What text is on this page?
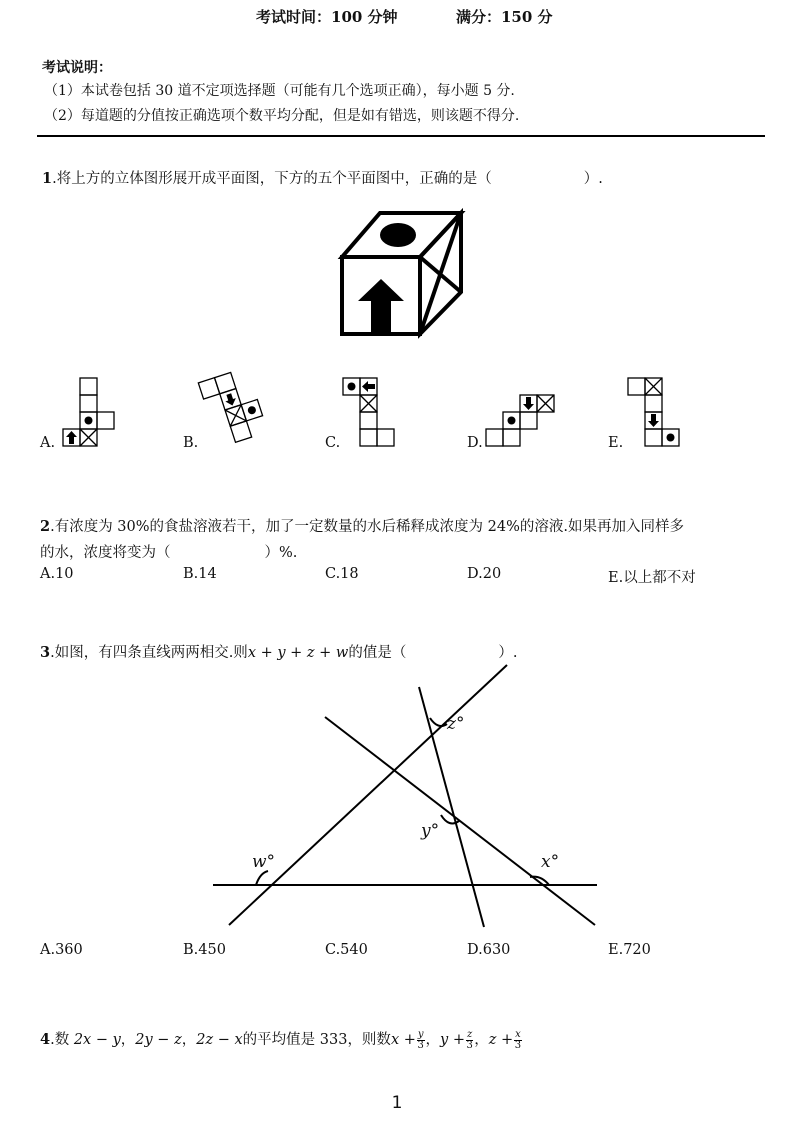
考试时间：100 分钟	满分：150 分
考试说明：
（1）本试卷包括 30 道不定项选择题（可能有几个选项正确），每小题 5 分.
（2）每道题的分值按正确选项个数平均分配，但是如有错选，则该题不得分.
1.将上方的立体图形展开成平面图，下方的五个平面图中，正确的是（	）.
A.	B.	C.	D.	E.
2.有浓度为 30%的食盐溶液若干，加了一定数量的水后稀释成浓度为 24%的溶液.如果再加入同样多
的水，浓度将变为（	）%.
A.10	B.14	C.18	D.20	E.以上都不对
3.如图，有四条直线两两相交.则x + y + z + w的值是（	）.
z°
y°
w°	x°
A.360	B.450	C.540	D.630	E.720
4.数 2x − y，2y − z，2z − x的平均值是 333，则数$x + \frac{y}{3}$ ，$y + \frac{z}{3}$ ，$z + \frac{x}{3}$
1
